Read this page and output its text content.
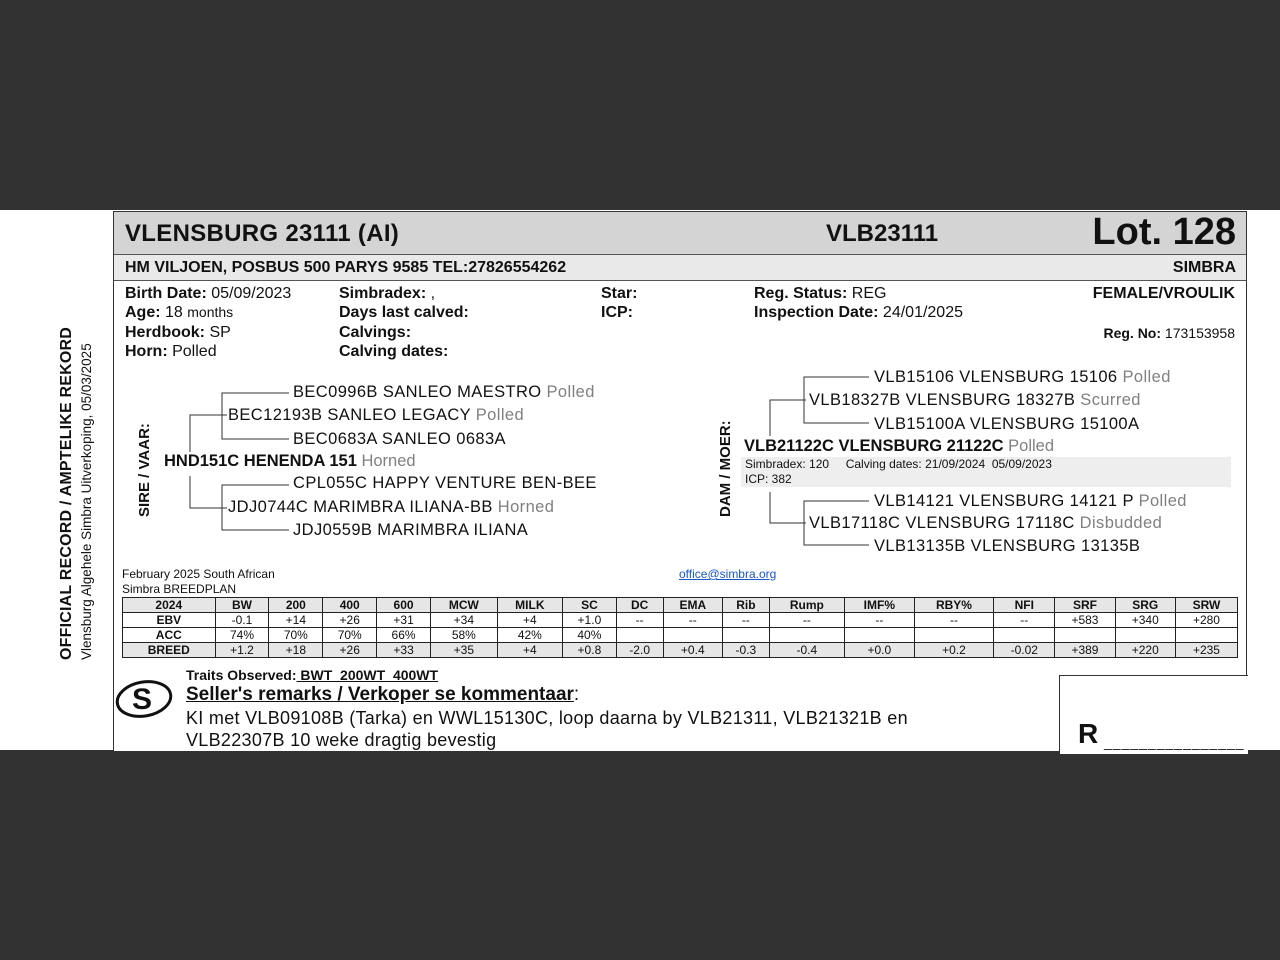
OFFICIAL RECORD / AMPTELIKE REKORD Vlensburg Algehele Simbra Uitverkoping, 05/03/2025
VLENSBURG 23111 (AI)	VLB23111	Lot. 128
HM VILJOEN, POSBUS 500 PARYS 9585 TEL:27826554262	SIMBRA
Birth Date: 05/09/2023
Age: 18 months
Herdbook: SP
Horn: Polled
Simbradex: ,
Days last calved:
Calvings:
Calving dates:
Star:
ICP:
Reg. Status: REG
Inspection Date: 24/01/2025
FEMALE/VROULIK
Reg. No: 173153958
SIRE / VAAR:	DAM / MOER:
BEC0996B SANLEO MAESTRO Polled
BEC12193B SANLEO LEGACY Polled
BEC0683A SANLEO 0683A
HND151C HENENDA 151 Horned
CPL055C HAPPY VENTURE BEN-BEE
JDJ0744C MARIMBRA ILIANA-BB Horned
JDJ0559B MARIMBRA ILIANA
VLB15106 VLENSBURG 15106 Polled
VLB18327B VLENSBURG 18327B Scurred
VLB15100A VLENSBURG 15100A
VLB21122C VLENSBURG 21122C Polled
Simbradex: 120     Calving dates: 21/09/2024  05/09/2023
ICP: 382
VLB14121 VLENSBURG 14121 P Polled
VLB17118C VLENSBURG 17118C Disbudded
VLB13135B VLENSBURG 13135B
February 2025 South African
Simbra BREEDPLAN
office@simbra.org
2024	BW	200	400	600	MCW	MILK	SC	DC	EMA	Rib	Rump	IMF%	RBY%	NFI	SRF	SRG	SRW
EBV	-0.1	+14	+26	+31	+34	+4	+1.0	--	--	--	--	--	--	--	+583	+340	+280
ACC	74%	70%	70%	66%	58%	42%	40%										
BREED	+1.2	+18	+26	+33	+35	+4	+0.8	-2.0	+0.4	-0.3	-0.4	+0.0	+0.2	-0.02	+389	+220	+235
S
Traits Observed: BWT  200WT  400WT
Seller's remarks / Verkoper se kommentaar:
KI met VLB09108B (Tarka) en WWL15130C, loop daarna by VLB21311, VLB21321B en VLB22307B 10 weke dragtig bevestig	R ________________
